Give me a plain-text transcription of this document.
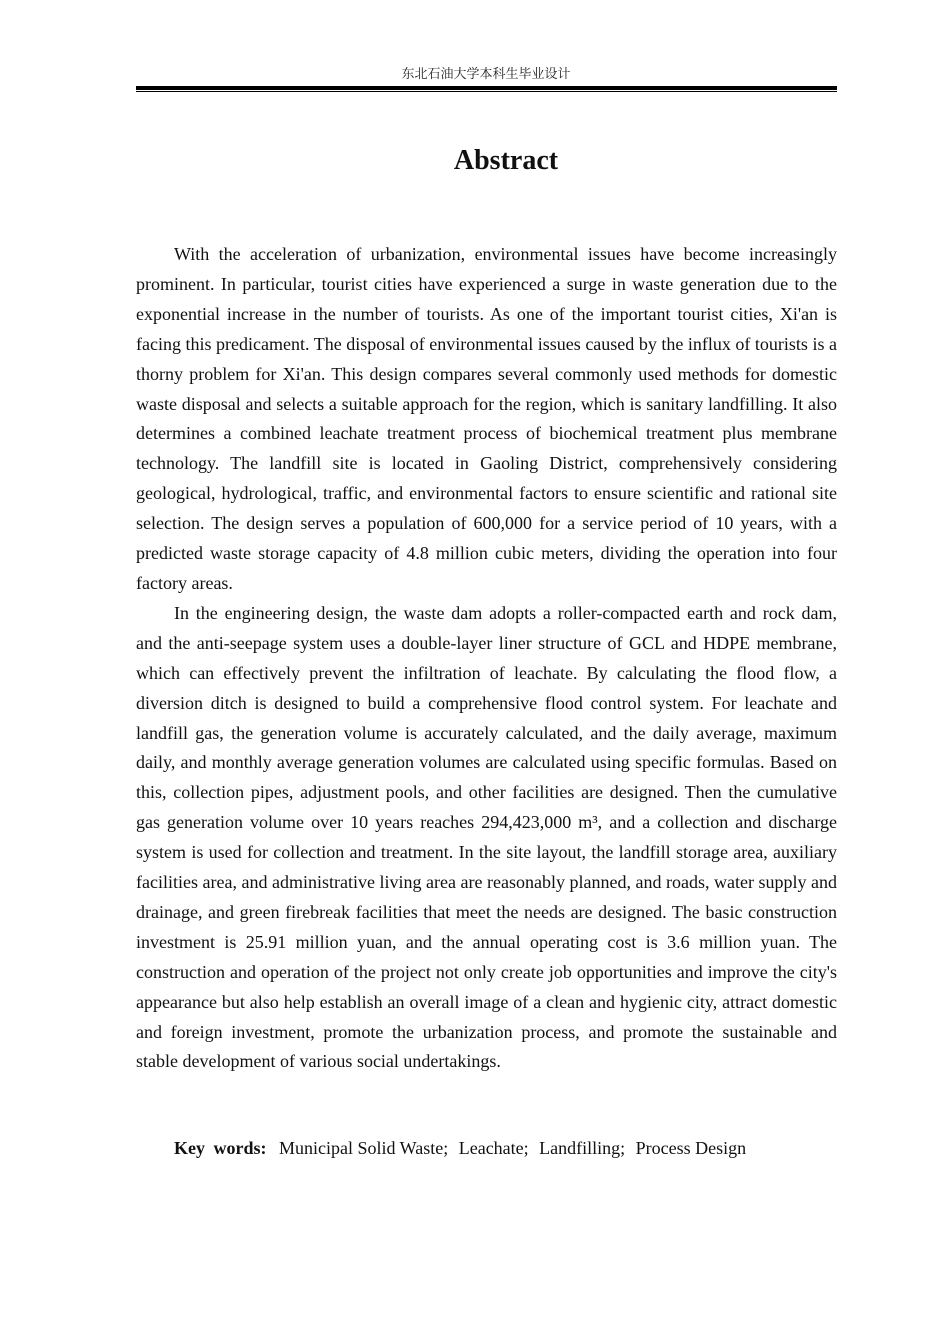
东北石油大学本科生毕业设计
Abstract

With the acceleration of urbanization, environmental issues have become increasingly prominent. In particular, tourist cities have experienced a surge in waste generation due to the exponential increase in the number of tourists. As one of the important tourist cities, Xi'an is facing this predicament. The disposal of environmental issues caused by the influx of tourists is a thorny problem for Xi'an. This design compares several commonly used methods for domestic waste disposal and selects a suitable approach for the region, which is sanitary landfilling. It also determines a combined leachate treatment process of biochemical treatment plus membrane technology. The landfill site is located in Gaoling District, comprehensively considering geological, hydrological, traffic, and environmental factors to ensure scientific and rational site selection. The design serves a population of 600,000 for a service period of 10 years, with a predicted waste storage capacity of 4.8 million cubic meters, dividing the operation into four factory areas.

In the engineering design, the waste dam adopts a roller-compacted earth and rock dam, and the anti-seepage system uses a double-layer liner structure of GCL and HDPE membrane, which can effectively prevent the infiltration of leachate. By calculating the flood flow, a diversion ditch is designed to build a comprehensive flood control system. For leachate and landfill gas, the generation volume is accurately calculated, and the daily average, maximum daily, and monthly average generation volumes are calculated using specific formulas. Based on this, collection pipes, adjustment pools, and other facilities are designed. Then the cumulative gas generation volume over 10 years reaches 294,423,000 m³, and a collection and discharge system is used for collection and treatment. In the site layout, the landfill storage area, auxiliary facilities area, and administrative living area are reasonably planned, and roads, water supply and drainage, and green firebreak facilities that meet the needs are designed. The basic construction investment is 25.91 million yuan, and the annual operating cost is 3.6 million yuan. The construction and operation of the project not only create job opportunities and improve the city's appearance but also help establish an overall image of a clean and hygienic city, attract domestic and foreign investment, promote the urbanization process, and promote the sustainable and stable development of various social undertakings.

Key words: Municipal Solid Waste; Leachate; Landfilling; Process Design
